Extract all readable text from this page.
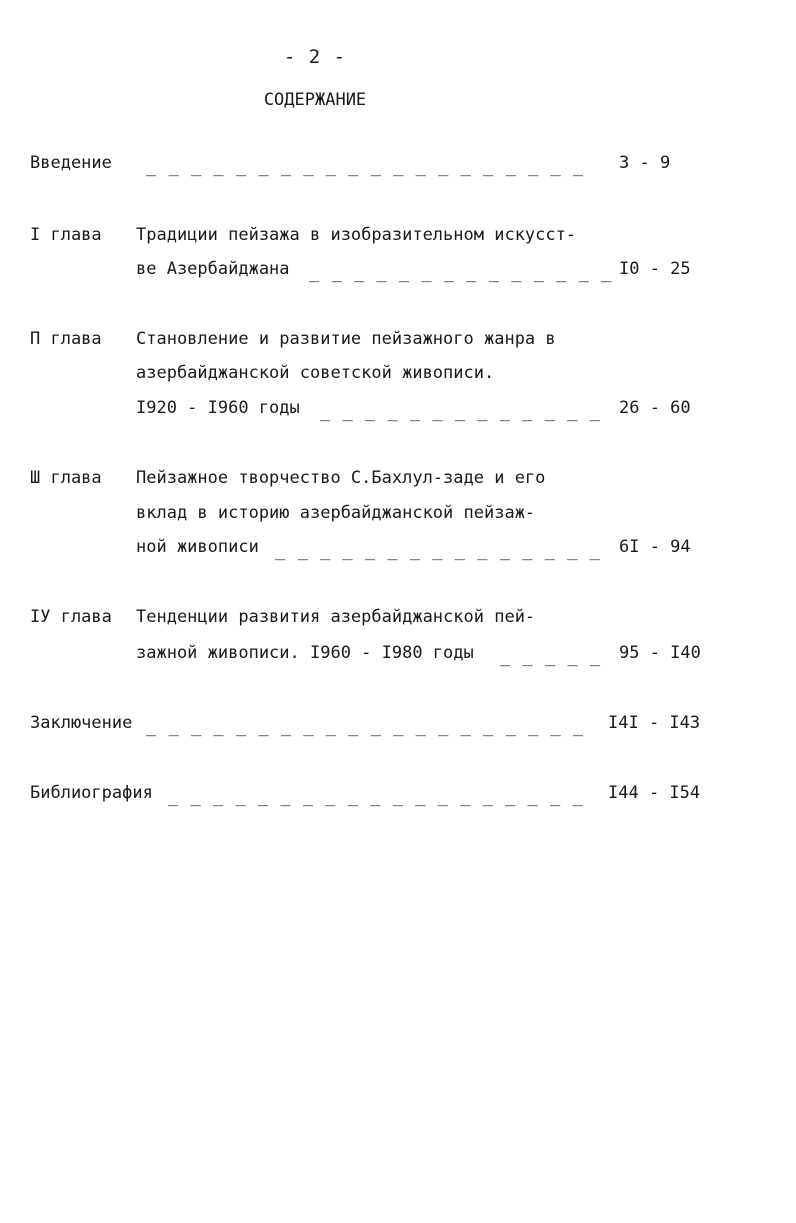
- 2 -
СОДЕРЖАНИЕ
Введение _ _ _ _ _ _ _ _ _ _ _ _ _ _ _ _ _ _ _ _ 3 - 9
I глава Традиции пейзажа в изобразительном искусст-
ве Азербайджана _ _ _ _ _ _ _ _ _ _ _ _ _ _ I0 - 25
П глава Становление и развитие пейзажного жанра в
азербайджанской советской живописи.
I920 - I960 годы _ _ _ _ _ _ _ _ _ _ _ _ _ 26 - 60
Ш глава Пейзажное творчество С.Бахлул-заде и его
вклад в историю азербайджанской пейзаж-
ной живописи _ _ _ _ _ _ _ _ _ _ _ _ _ _ _ 6I - 94
IУ глава Тенденции развития азербайджанской пей-
зажной живописи. I960 - I980 годы _ _ _ _ _ 95 - I40
Заключение _ _ _ _ _ _ _ _ _ _ _ _ _ _ _ _ _ _ _ _ I4I - I43
Библиография _ _ _ _ _ _ _ _ _ _ _ _ _ _ _ _ _ _ _ I44 - I54
